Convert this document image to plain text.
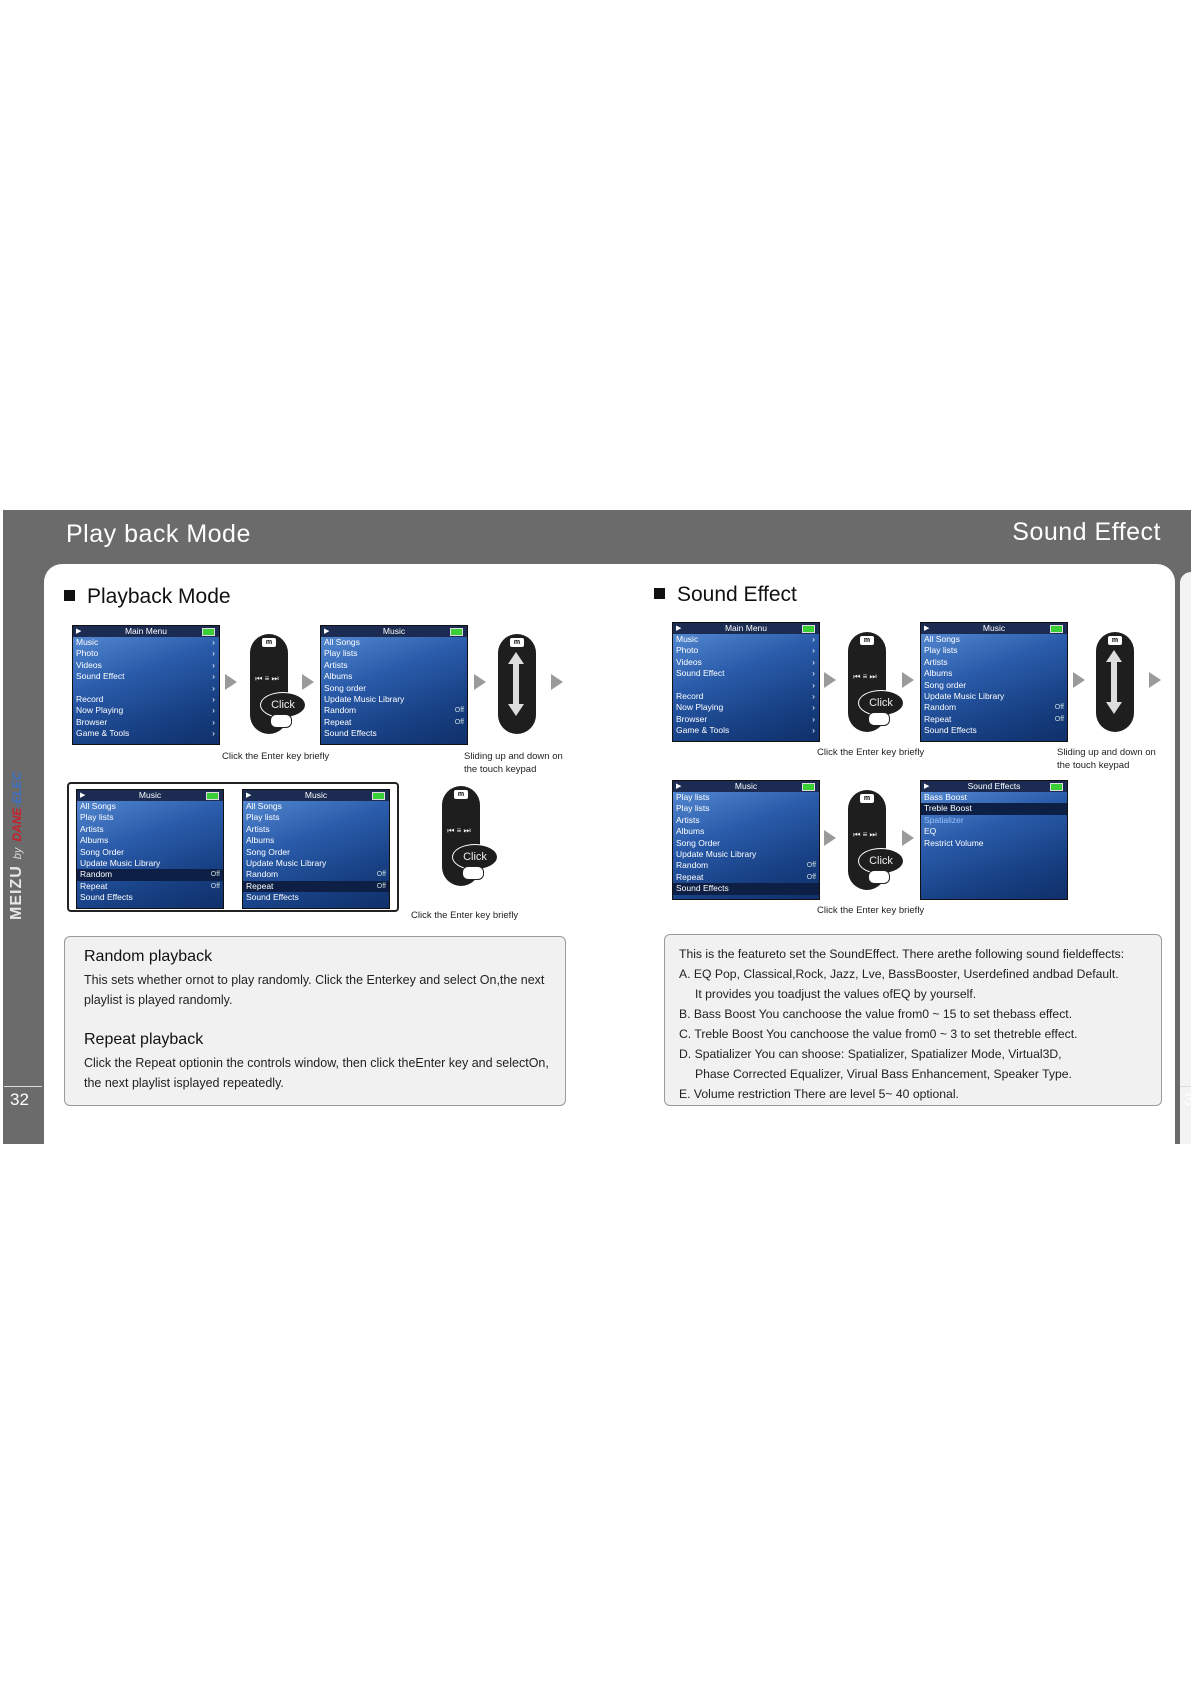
Play back Mode	Sound Effect
MEIZUbyDANE-ELEC
32	3
Playback Mode
▶	Main Menu
Music	›
Photo	›
Videos	›
Sound Effect	›
›
Record	›
Now Playing	›
Browser	›
Game & Tools	›
m
⏮ ≡ ⏭
Click
▶	Music
All Songs
Play lists
Artists
Albums
Song order
Update Music Library
Random	Off
Repeat	Off
Sound Effects
m
Click the Enter key briefly	Sliding up and down on
the touch keypad
▶	Music
All Songs
Play lists
Artists
Albums
Song Order
Update Music Library
Random	Off
Repeat	Off
Sound Effects
▶	Music
All Songs
Play lists
Artists
Albums
Song Order
Update Music Library
Random	Off
Repeat	Off
Sound Effects
m
⏮ ≡ ⏭
Click
Click the Enter key briefly
Random playback
This sets whether ornot to play randomly. Click the Enterkey and select On,the next
playlist is played randomly.
Repeat playback
Click the Repeat optionin the controls window, then click theEnter key and selectOn,
the next playlist isplayed repeatedly.
Sound Effect
▶	Main Menu
Music	›
Photo	›
Videos	›
Sound Effect	›
›
Record	›
Now Playing	›
Browser	›
Game & Tools	›
m
⏮ ≡ ⏭
Click
▶	Music
All Songs
Play lists
Artists
Albums
Song order
Update Music Library
Random	Off
Repeat	Off
Sound Effects
m
Click the Enter key briefly	Sliding up and down on
the touch keypad
▶	Music
Play lists
Play lists
Artists
Albums
Song Order
Update Music Library
Random	Off
Repeat	Off
Sound Effects
m
⏮ ≡ ⏭
Click
▶	Sound Effects
Bass Boost
Treble Boost
Spatializer
EQ
Restrict Volume
Click the Enter key briefly
This is the featureto set the SoundEffect. There arethe following sound fieldeffects:
A. EQ Pop, Classical,Rock, Jazz, Lve, BassBooster, Userdefined andbad Default.
It provides you toadjust the values ofEQ by yourself.
B. Bass Boost You canchoose the value from0 ~ 15 to set thebass effect.
C. Treble Boost You canchoose the value from0 ~ 3 to set thetreble effect.
D. Spatializer You can shoose: Spatializer, Spatializer Mode, Virtual3D,
Phase Corrected Equalizer, Virual Bass Enhancement, Speaker Type.
E. Volume restriction There are level 5~ 40 optional.
